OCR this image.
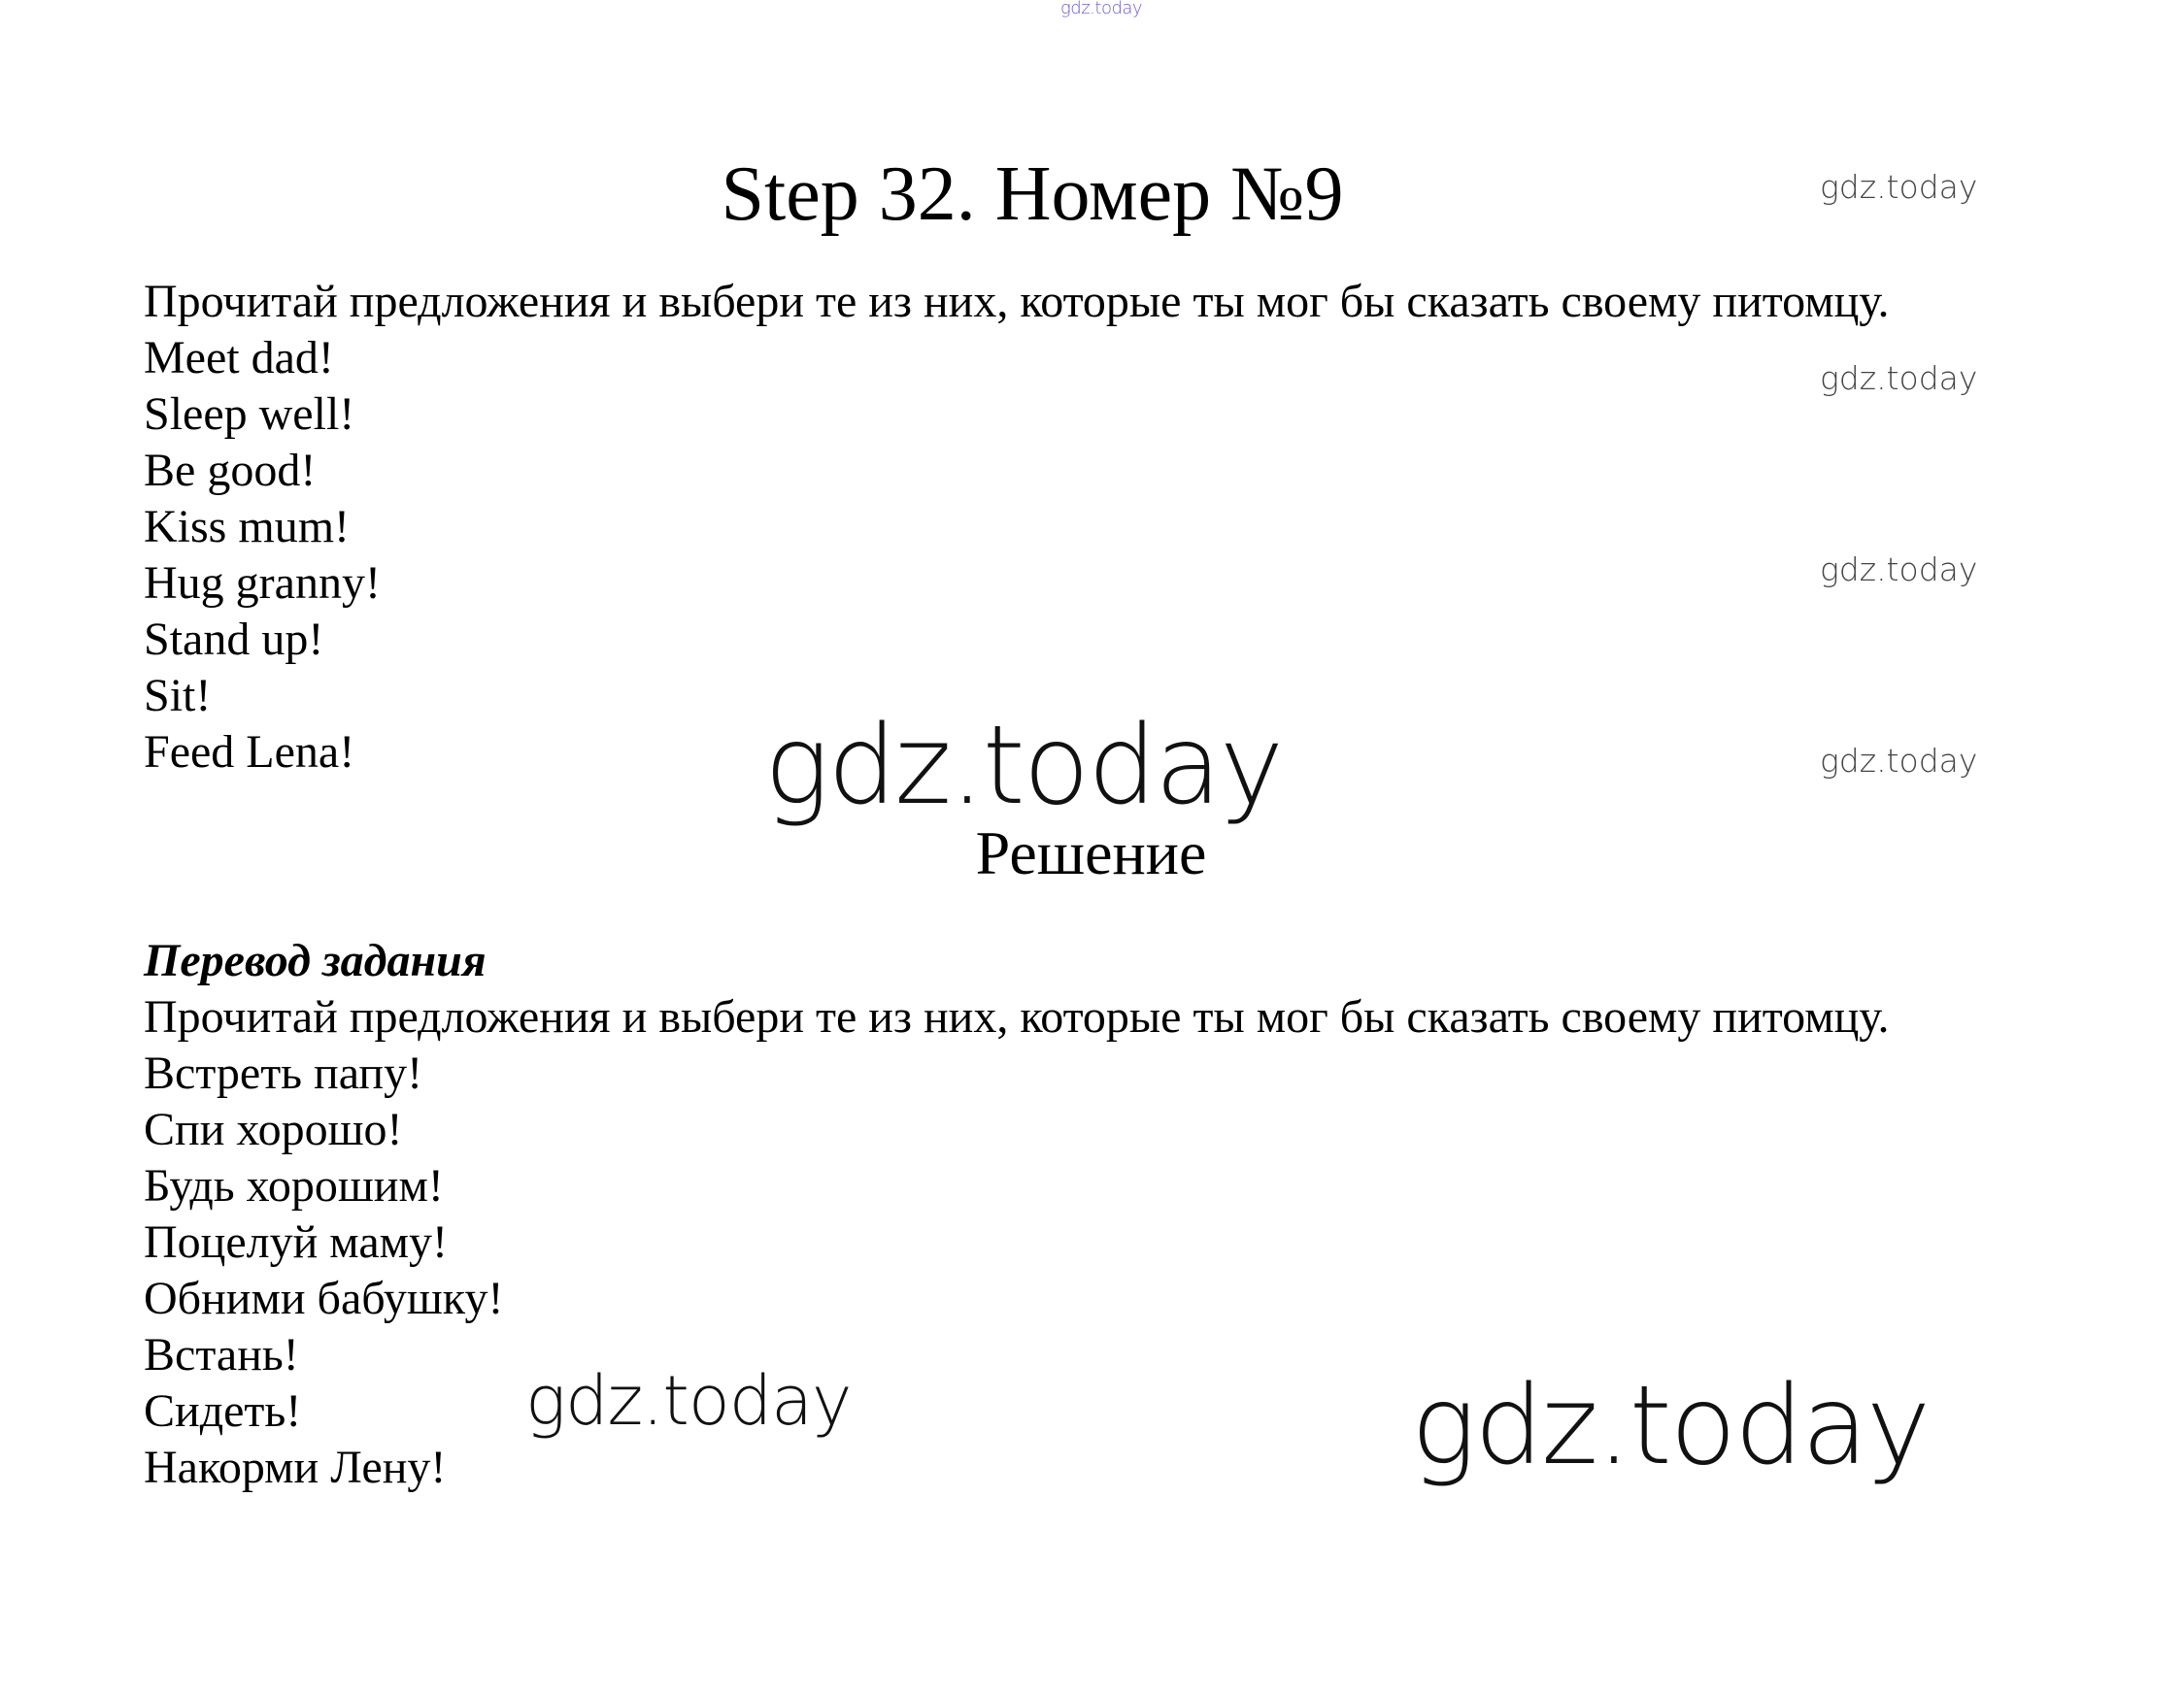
gdz.today
gdz.today
gdz.today
gdz.today
gdz.today
Step 32. Номер №9
Прочитай предложения и выбери те из них, которые ты мог бы сказать своему питомцу.
Meet dad!
Sleep well!
Be good!
Kiss mum!
Hug granny!
Stand up!
Sit!
Feed Lena!	gdz.today
Решение
Перевод задания
Прочитай предложения и выбери те из них, которые ты мог бы сказать своему питомцу.
Встреть папу!
Спи хорошо!
Будь хорошим!
Поцелуй маму!
Обними бабушку!
Встань!
Сидеть!
Накорми Лену!
gdz.today	gdz.today
